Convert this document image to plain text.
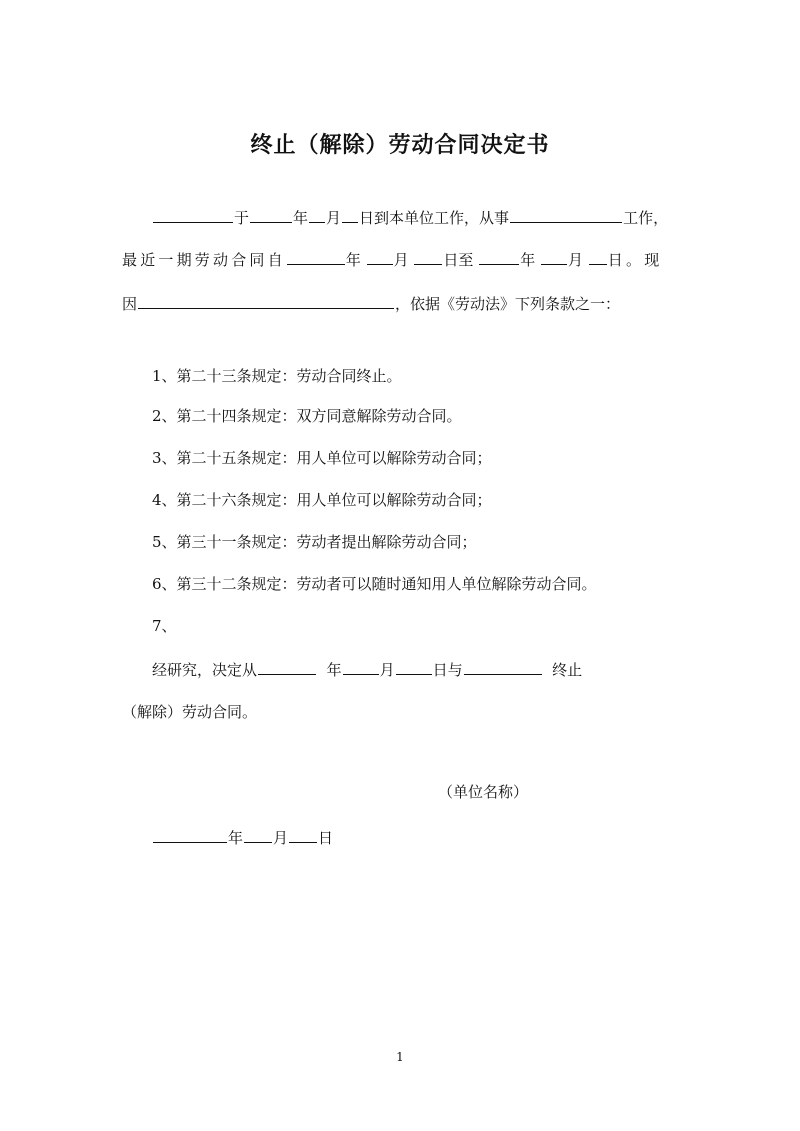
终止（解除）劳动合同决定书
于	年 月 日到本单位工作，从事	工作，
最近一期劳动合同自	年 月 日至	年 月 日。现
因	，依据《劳动法》下列条款之一：
1、第二十三条规定：劳动合同终止。
2、第二十四条规定：双方同意解除劳动合同。
3、第二十五条规定：用人单位可以解除劳动合同；
4、第二十六条规定：用人单位可以解除劳动合同；
5、第三十一条规定：劳动者提出解除劳动合同；
6、第三十二条规定：劳动者可以随时通知用人单位解除劳动合同。
7、
经研究，决定从	年	月	日与	终止
（解除）劳动合同。
（单位名称）
年 月 日
1
